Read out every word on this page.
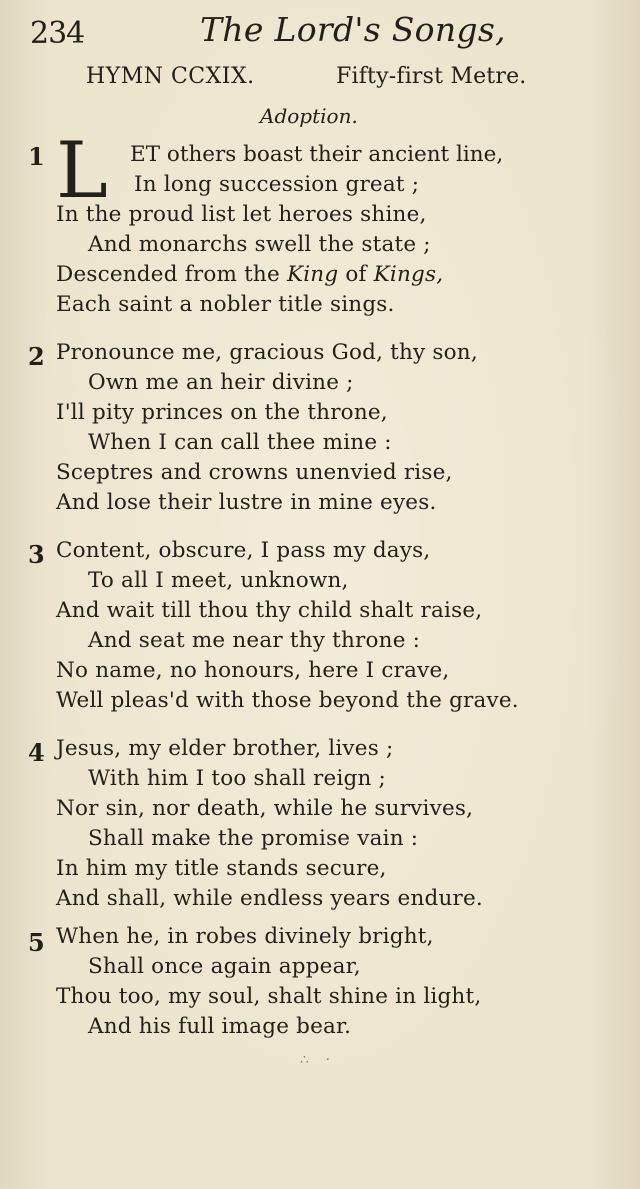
234	The Lord's Songs,
HYMN CCXIX.	Fifty-first Metre.
Adoption.
1 L ET others boast their ancient line,
In long succession great ;
In the proud list let heroes shine,
And monarchs swell the state ;
Descended from the King of Kings,
Each saint a nobler title sings.
2 Pronounce me, gracious God, thy son,
Own me an heir divine ;
I'll pity princes on the throne,
When I can call thee mine :
Sceptres and crowns unenvied rise,
And lose their lustre in mine eyes.
3 Content, obscure, I pass my days,
To all I meet, unknown,
And wait till thou thy child shalt raise,
And seat me near thy throne :
No name, no honours, here I crave,
Well pleas'd with those beyond the grave.
4 Jesus, my elder brother, lives ;
With him I too shall reign ;
Nor sin, nor death, while he survives,
Shall make the promise vain :
In him my title stands secure,
And shall, while endless years endure.
5 When he, in robes divinely bright,
Shall once again appear,
Thou too, my soul, shalt shine in light,
And his full image bear.
∴ ⋅
